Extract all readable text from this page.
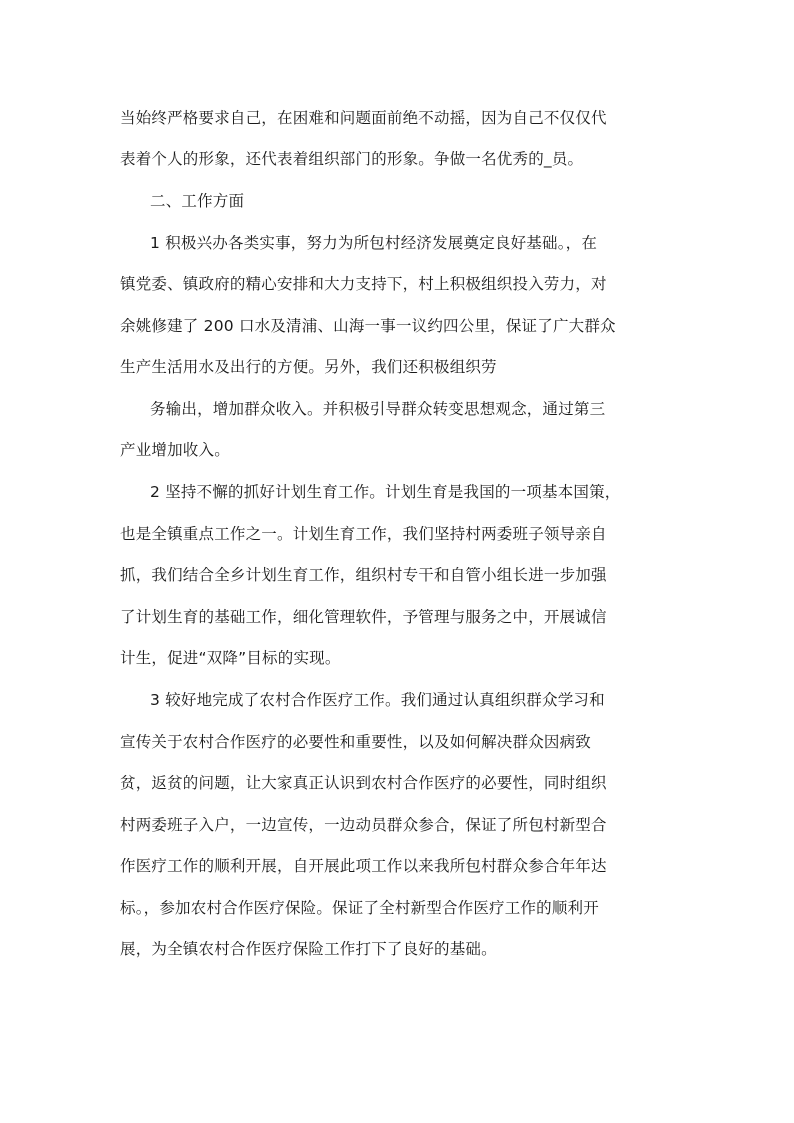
当始终严格要求自己，在困难和问题面前绝不动摇，因为自己不仅仅代
表着个人的形象，还代表着组织部门的形象。争做一名优秀的_员。
二、工作方面
1 积极兴办各类实事，努力为所包村经济发展奠定良好基础。，在
镇党委、镇政府的精心安排和大力支持下，村上积极组织投入劳力，对
余姚修建了 200 口水及清浦、山海一事一议约四公里，保证了广大群众
生产生活用水及出行的方便。另外，我们还积极组织劳
务输出，增加群众收入。并积极引导群众转变思想观念，通过第三
产业增加收入。
2 坚持不懈的抓好计划生育工作。计划生育是我国的一项基本国策，
也是全镇重点工作之一。计划生育工作，我们坚持村两委班子领导亲自
抓，我们结合全乡计划生育工作，组织村专干和自管小组长进一步加强
了计划生育的基础工作，细化管理软件，予管理与服务之中，开展诚信
计生，促进“双降”目标的实现。
3 较好地完成了农村合作医疗工作。我们通过认真组织群众学习和
宣传关于农村合作医疗的必要性和重要性，以及如何解决群众因病致
贫，返贫的问题，让大家真正认识到农村合作医疗的必要性，同时组织
村两委班子入户，一边宣传，一边动员群众参合，保证了所包村新型合
作医疗工作的顺利开展，自开展此项工作以来我所包村群众参合年年达
标。，参加农村合作医疗保险。保证了全村新型合作医疗工作的顺利开
展，为全镇农村合作医疗保险工作打下了良好的基础。
